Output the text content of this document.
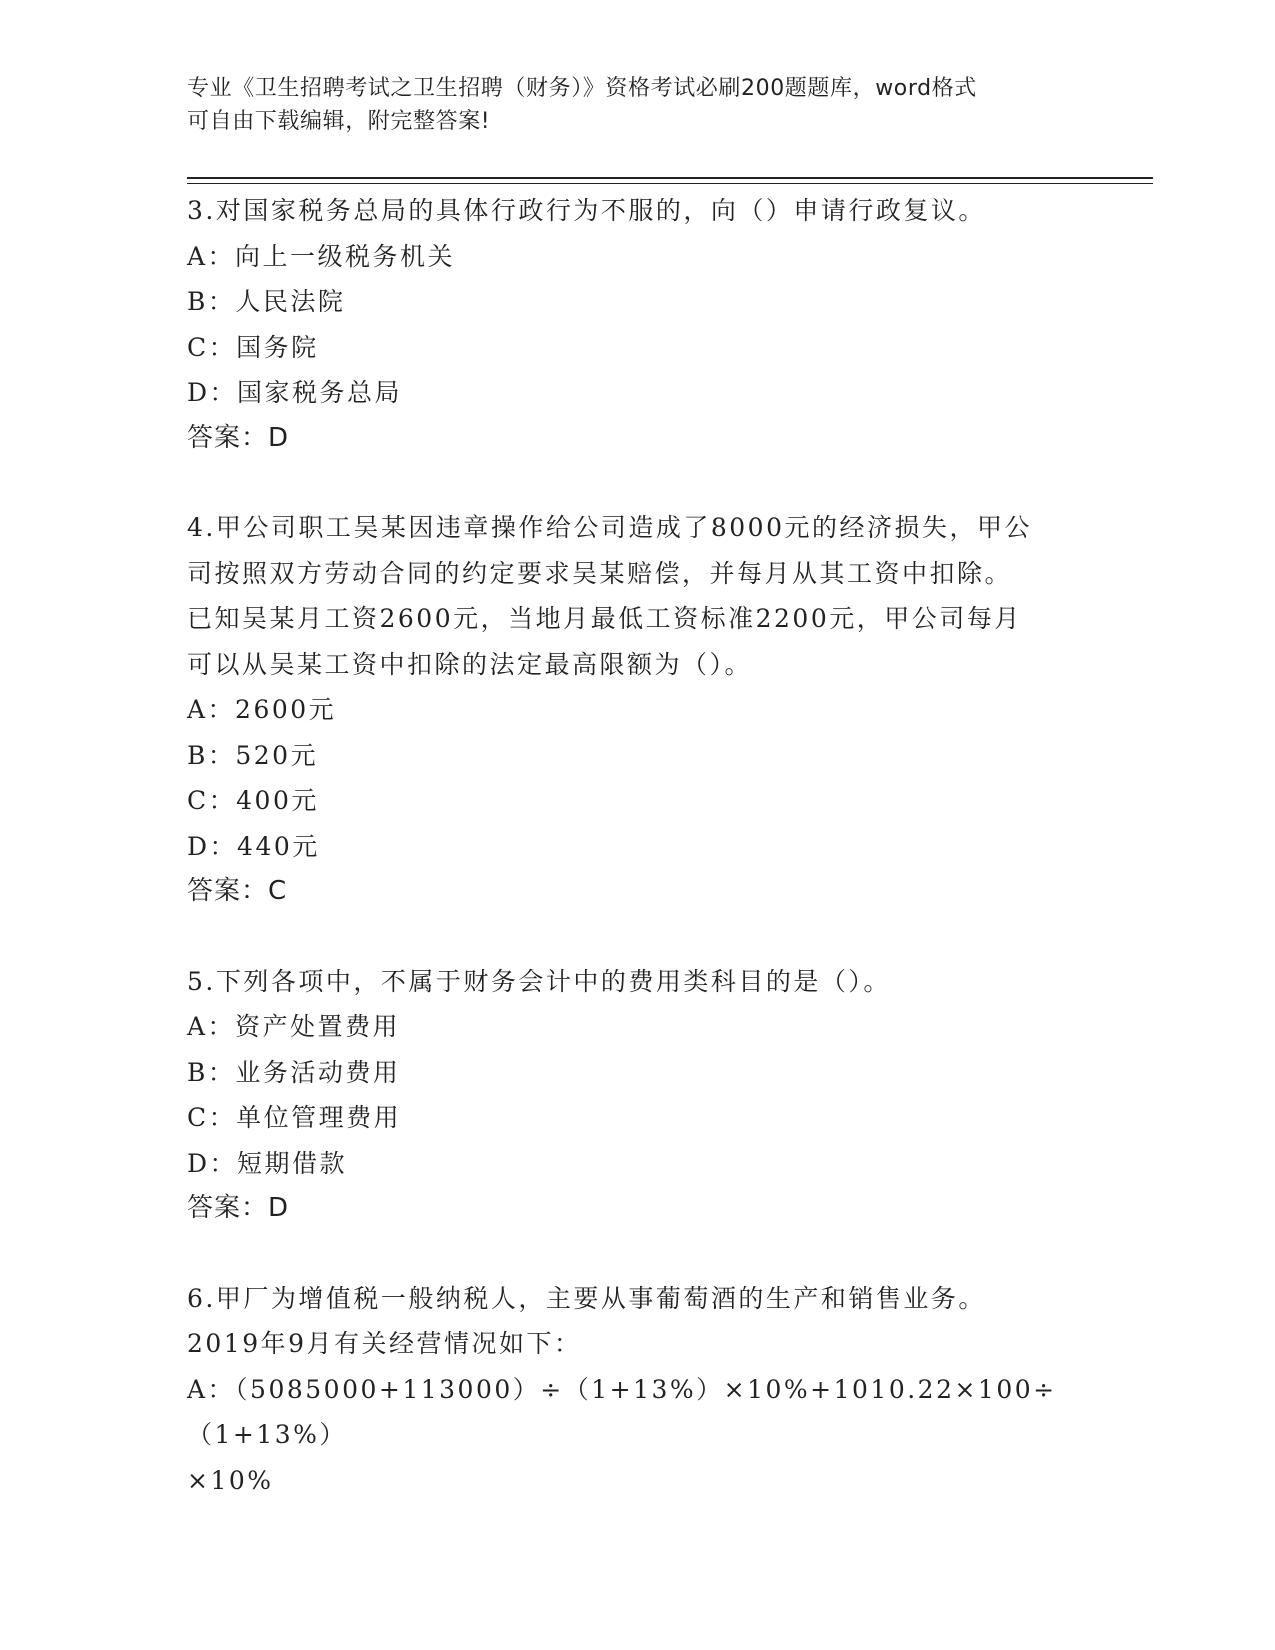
专业《卫生招聘考试之卫生招聘（财务）》资格考试必刷200题题库，word格式
可自由下载编辑，附完整答案!
3.对国家税务总局的具体行政行为不服的，向（）申请行政复议。
A：向上一级税务机关
B：人民法院
C：国务院
D：国家税务总局
答案：D
4.甲公司职工吴某因违章操作给公司造成了8000元的经济损失，甲公
司按照双方劳动合同的约定要求吴某赔偿，并每月从其工资中扣除。
已知吴某月工资2600元，当地月最低工资标准2200元，甲公司每月
可以从吴某工资中扣除的法定最高限额为（）。
A：2600元
B：520元
C：400元
D：440元
答案：C
5.下列各项中，不属于财务会计中的费用类科目的是（）。
A：资产处置费用
B：业务活动费用
C：单位管理费用
D：短期借款
答案：D
6.甲厂为增值税一般纳税人，主要从事葡萄酒的生产和销售业务。
2019年9月有关经营情况如下：
A：（5085000+113000）÷（1+13%）×10%+1010.22×100÷（1+13%）
×10%
